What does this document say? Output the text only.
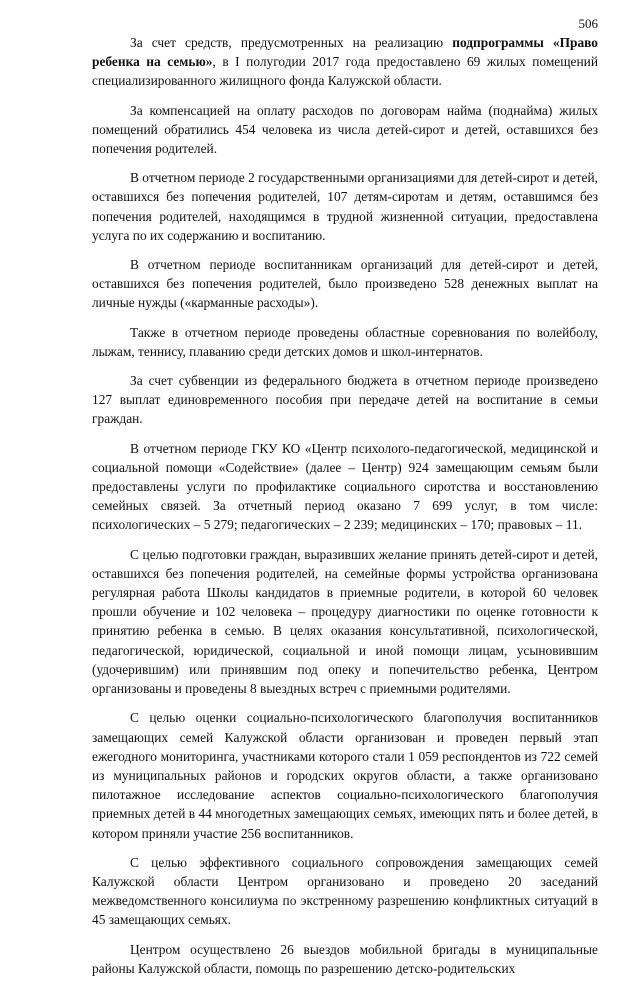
506

За счет средств, предусмотренных на реализацию подпрограммы «Право ребенка на семью», в I полугодии 2017 года предоставлено 69 жилых помещений специализированного жилищного фонда Калужской области.

За компенсацией на оплату расходов по договорам найма (поднайма) жилых помещений обратились 454 человека из числа детей-сирот и детей, оставшихся без попечения родителей.

В отчетном периоде 2 государственными организациями для детей-сирот и детей, оставшихся без попечения родителей, 107 детям-сиротам и детям, оставшимся без попечения родителей, находящимся в трудной жизненной ситуации, предоставлена услуга по их содержанию и воспитанию.

В отчетном периоде воспитанникам организаций для детей-сирот и детей, оставшихся без попечения родителей, было произведено 528 денежных выплат на личные нужды («карманные расходы»).

Также в отчетном периоде проведены областные соревнования по волейболу, лыжам, теннису, плаванию среди детских домов и школ-интернатов.

За счет субвенции из федерального бюджета в отчетном периоде произведено 127 выплат единовременного пособия при передаче детей на воспитание в семьи граждан.

В отчетном периоде ГКУ КО «Центр психолого-педагогической, медицинской и социальной помощи «Содействие» (далее – Центр) 924 замещающим семьям были предоставлены услуги по профилактике социального сиротства и восстановлению семейных связей. За отчетный период оказано 7 699 услуг, в том числе: психологических – 5 279; педагогических – 2 239; медицинских – 170; правовых – 11.

С целью подготовки граждан, выразивших желание принять детей-сирот и детей, оставшихся без попечения родителей, на семейные формы устройства организована регулярная работа Школы кандидатов в приемные родители, в которой 60 человек прошли обучение и 102 человека – процедуру диагностики по оценке готовности к принятию ребенка в семью. В целях оказания консультативной, психологической, педагогической, юридической, социальной и иной помощи лицам, усыновившим (удочерившим) или принявшим под опеку и попечительство ребенка, Центром организованы и проведены 8 выездных встреч с приемными родителями.

С целью оценки социально-психологического благополучия воспитанников замещающих семей Калужской области организован и проведен первый этап ежегодного мониторинга, участниками которого стали 1 059 респондентов из 722 семей из муниципальных районов и городских округов области, а также организовано пилотажное исследование аспектов социально-психологического благополучия приемных детей в 44 многодетных замещающих семьях, имеющих пять и более детей, в котором приняли участие 256 воспитанников.

С целью эффективного социального сопровождения замещающих семей Калужской области Центром организовано и проведено 20 заседаний межведомственного консилиума по экстренному разрешению конфликтных ситуаций в 45 замещающих семьях.

Центром осуществлено 26 выездов мобильной бригады в муниципальные районы Калужской области, помощь по разрешению детско-родительских
